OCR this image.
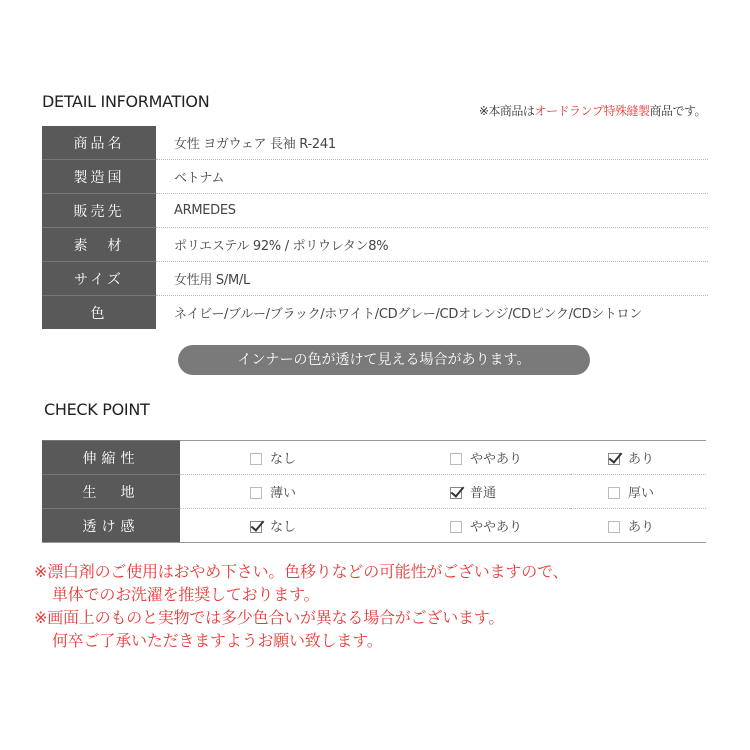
DETAIL INFORMATION	※本商品はオードランプ特殊縫製商品です。
商品名	女性 ヨガウェア 長袖 R-241
製造国	ベトナム
販売先	ARMEDES
素　材	ポリエステル 92% / ポリウレタン8%
サイズ	女性用 S/M/L
色	ネイビー/ブルー/ブラック/ホワイト/CDグレー/CDオレンジ/CDピンク/CDシトロン
インナーの色が透けて見える場合があります。
CHECK POINT
伸縮性	なし	ややあり	あり
生　地	薄い	普通	厚い
透け感	なし	ややあり	あり
※漂白剤のご使用はおやめ下さい。色移りなどの可能性がございますので、
単体でのお洗濯を推奨しております。
※画面上のものと実物では多少色合いが異なる場合がございます。
何卒ご了承いただきますようお願い致します。
